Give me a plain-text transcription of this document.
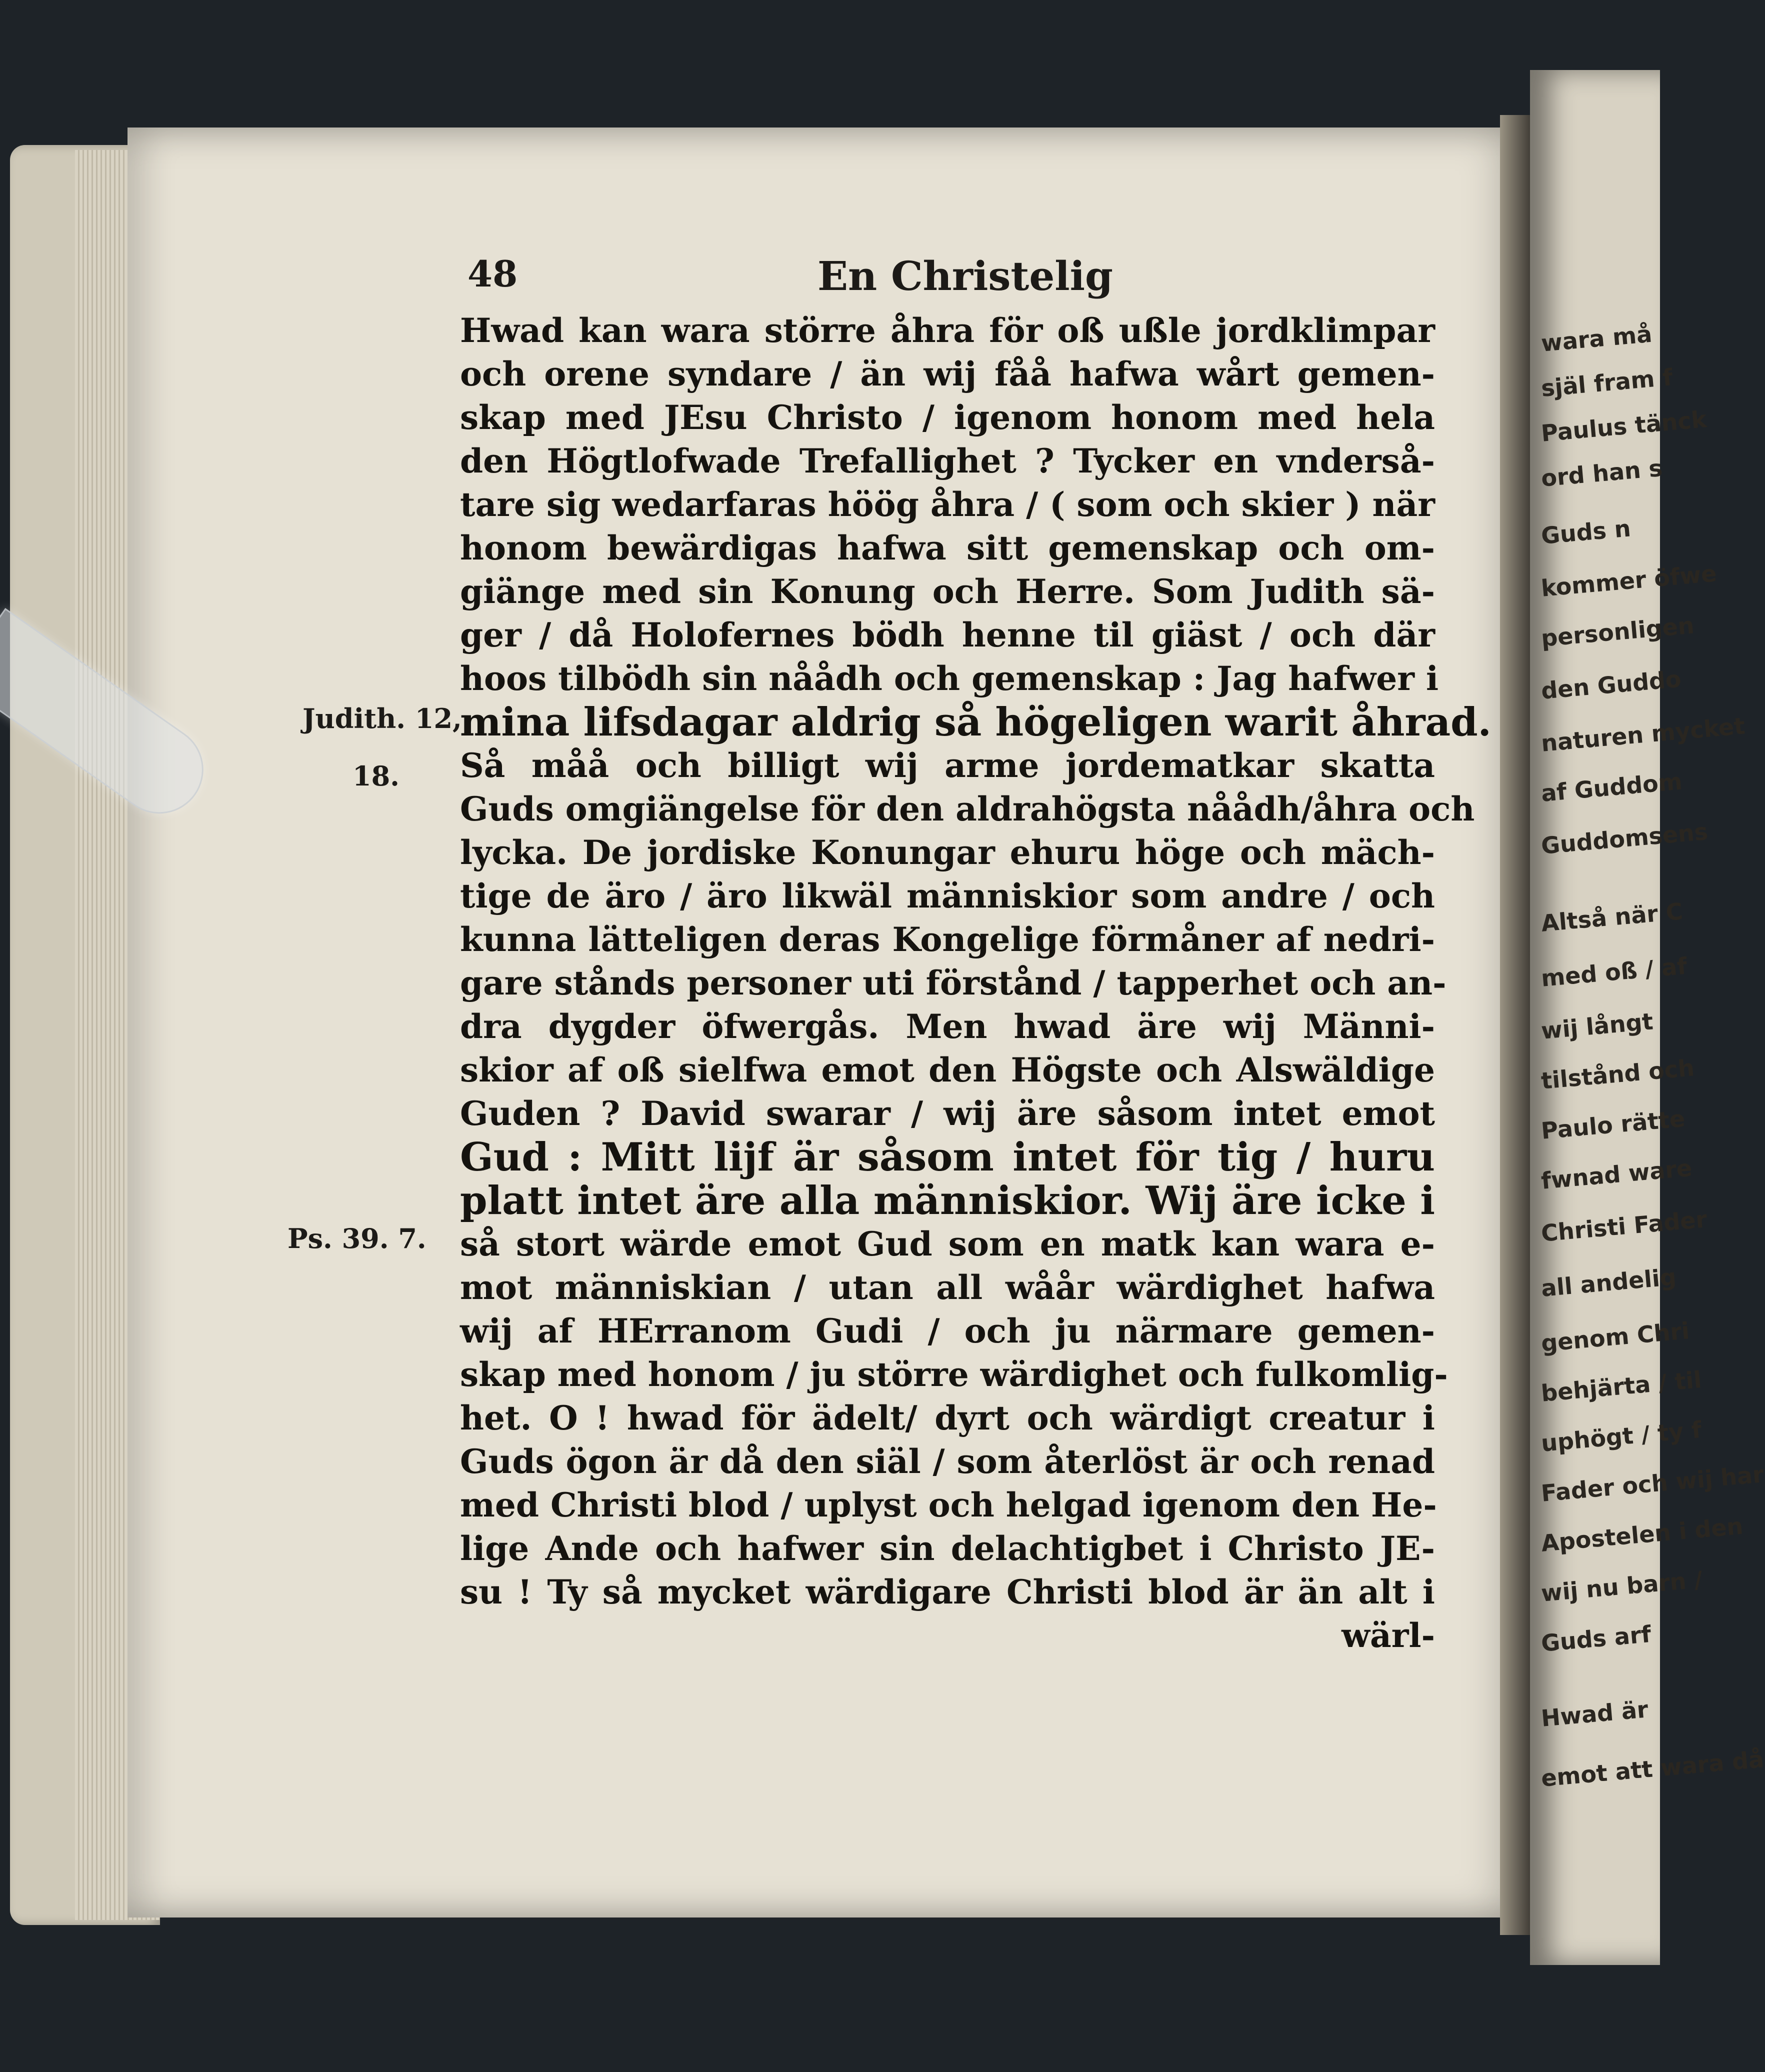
wara må
själ fram f
Paulus tänck
ord han s
Guds n
kommer öfwe
personligen
den Guddo
naturen mycket
af Guddom
Guddomsens
Altså när C
med oß / af
wij långt
tilstånd och
Paulo rätte
fwnad ware
Christi Fader
all andelig
genom Chri
behjärta / til
uphögt / ty f
Fader och wij har
Apostelen i den
wij nu barn /
Guds arf
Hwad är
emot att wara då
48	En Christelig
Judith. 12,
18.
Ps. 39. 7.
Hwad kan wara större åhra för oß ußle jordklimpar
och orene syndare / än wij fåå hafwa wårt gemen-
skap med JEsu Christo / igenom honom med hela
den Högtlofwade Trefallighet ? Tycker en vnderså-
tare sig wedarfaras höög åhra / ( som och skier ) när
honom bewärdigas hafwa sitt gemenskap och om-
giänge med sin Konung och Herre. Som Judith sä-
ger / då Holofernes bödh henne til giäst / och där
hoos tilbödh sin nåådh och gemenskap : Jag hafwer i
mina lifsdagar aldrig så högeligen warit åhrad.
Så måå och billigt wij arme jordematkar skatta
Guds omgiängelse för den aldrahögsta nåådh/åhra och
lycka. De jordiske Konungar ehuru höge och mäch-
tige de äro / äro likwäl människior som andre / och
kunna lätteligen deras Kongelige förmåner af nedri-
gare stånds personer uti förstånd / tapperhet och an-
dra dygder öfwergås. Men hwad äre wij Männi-
skior af oß sielfwa emot den Högste och Alswäldige
Guden ? David swarar / wij äre såsom intet emot
Gud : Mitt lijf är såsom intet för tig / huru
platt intet äre alla människior. Wij äre icke i
så stort wärde emot Gud som en matk kan wara e-
mot människian / utan all wåår wärdighet hafwa
wij af HErranom Gudi / och ju närmare gemen-
skap med honom / ju större wärdighet och fulkomlig-
het. O ! hwad för ädelt/ dyrt och wärdigt creatur i
Guds ögon är då den siäl / som återlöst är och renad
med Christi blod / uplyst och helgad igenom den He-
lige Ande och hafwer sin delachtigbet i Christo JE-
su ! Ty så mycket wärdigare Christi blod är än alt i
wärl-
